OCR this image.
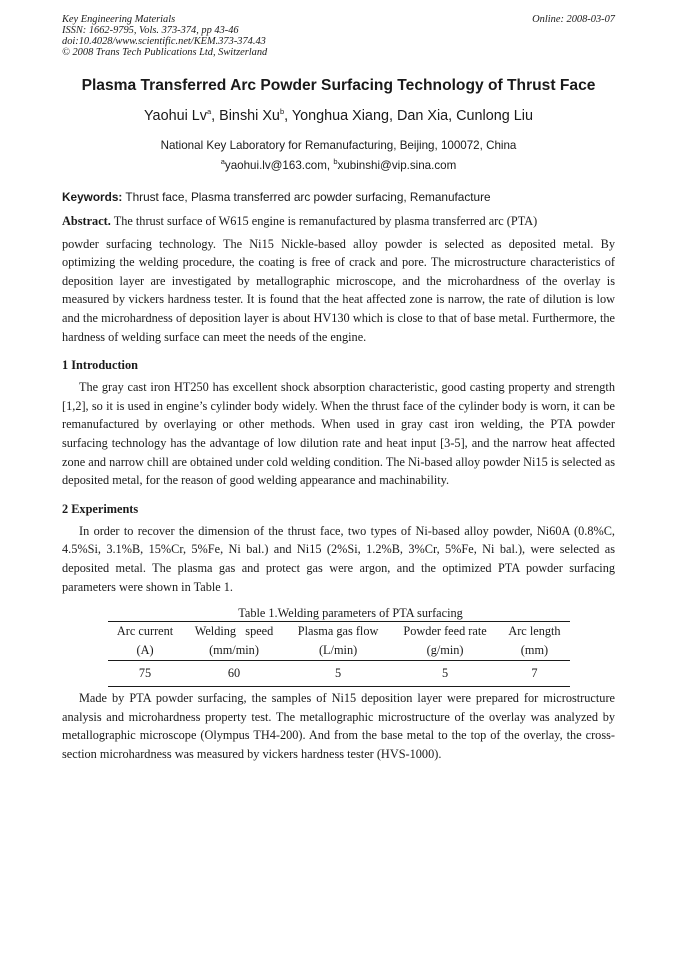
Key Engineering Materials
ISSN: 1662-9795, Vols. 373-374, pp 43-46
doi:10.4028/www.scientific.net/KEM.373-374.43
© 2008 Trans Tech Publications Ltd, Switzerland
Online: 2008-03-07
Plasma Transferred Arc Powder Surfacing Technology of Thrust Face
Yaohui Lv$^a$, Binshi Xu$^b$, Yonghua Xiang, Dan Xia, Cunlong Liu
National Key Laboratory for Remanufacturing, Beijing, 100072, China
$^a$yaohui.lv@163.com, $^b$xubinshi@vip.sina.com
Keywords: Thrust face, Plasma transferred arc powder surfacing, Remanufacture
Abstract. The thrust surface of W615 engine is remanufactured by plasma transferred arc (PTA)
powder surfacing technology. The Ni15 Nickle-based alloy powder is selected as deposited metal. By optimizing the welding procedure, the coating is free of crack and pore. The microstructure characteristics of deposition layer are investigated by metallographic microscope, and the microhardness of the overlay is measured by vickers hardness tester. It is found that the heat affected zone is narrow, the rate of dilution is low and the microhardness of deposition layer is about HV130 which is close to that of base metal. Furthermore, the hardness of welding surface can meet the needs of the engine.
1 Introduction
The gray cast iron HT250 has excellent shock absorption characteristic, good casting property and strength [1,2], so it is used in engine’s cylinder body widely. When the thrust face of the cylinder body is worn, it can be remanufactured by overlaying or other methods. When used in gray cast iron welding, the PTA powder surfacing technology has the advantage of low dilution rate and heat input [3-5], and the narrow heat affected zone and narrow chill are obtained under cold welding condition. The Ni-based alloy powder Ni15 is selected as deposited metal, for the reason of good welding appearance and machinability.
2 Experiments
In order to recover the dimension of the thrust face, two types of Ni-based alloy powder, Ni60A (0.8%C, 4.5%Si, 3.1%B, 15%Cr, 5%Fe, Ni bal.) and Ni15 (2%Si, 1.2%B, 3%Cr, 5%Fe, Ni bal.), were selected as deposited metal. The plasma gas and protect gas were argon, and the optimized PTA powder surfacing parameters were shown in Table 1.
Table 1.Welding parameters of PTA surfacing
Arc current	Welding   speed	Plasma gas flow	Powder feed rate	Arc length
(A)	(mm/min)	(L/min)	(g/min)	(mm)
75	60	5	5	7
Made by PTA powder surfacing, the samples of Ni15 deposition layer were prepared for microstructure analysis and microhardness property test. The metallographic microstructure of the overlay was analyzed by metallographic microscope (Olympus TH4-200). And from the base metal to the top of the overlay, the cross-section microhardness was measured by vickers hardness tester (HVS-1000).
